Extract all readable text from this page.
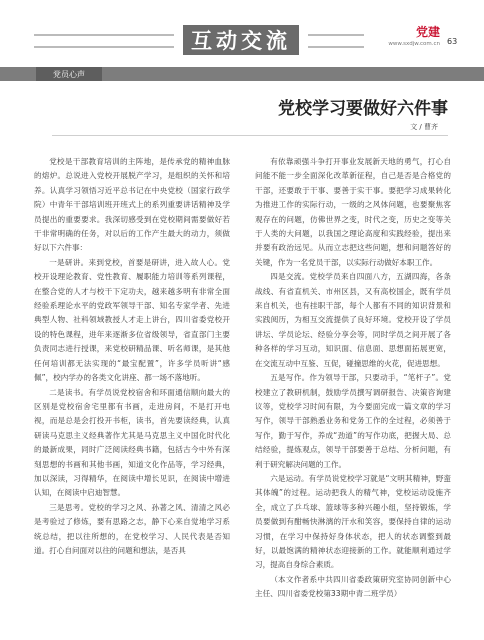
互动交流	党建
www.sxdjw.com.cn 63
党员心声
党校学习要做好六件事
文 / 曹齐

党校是干部教育培训的主阵地，是传承党的精神血脉的熔炉。总说进入党校开展脱产学习，是组织的关怀和培养。认真学习领悟习近平总书记在中央党校（国家行政学院）中青年干部培训班开班式上的系列重要讲话精神及学员提出的重要要求。我深切感受到在党校期间需要做好若干非常明确的任务，对以后的工作产生最大的动力，须做好以下六件事：

一是研讲。来到党校，首要是研讲，进入故人心。党校开设理论教育、党性教育、履职能力培训等系列课程，在整合党的人才与校干下定功夫，越来越多明有非常全面经验系理论水平的党政军领导干部、知名专家学者、先进典型人物、社科领域教授人才走上讲台，四川省委党校开设的特色课程，进年来逐渐多位省级领导，省直部门主要负责同志进行授课，来党校研精品课、听名师课，是其他任何培训都无法实现的“最宝配置”，许多学员听讲“感佩”，校内学办的各类文化讲座、都一场不落地听。

二是读书。有学员说党校宿舍和环面通信顺向最大的区别是党校宿舍宅里都有书画，走进房间，不是打开电视，而是总是会打投开书柜，读书，首先要读经典，认真研读马克思主义经典著作尤其是马克思主义中国化时代化的最新成果，同时广泛阅读经典书籍，包括古今中外有深刻思想的书画和其他书画，知道文化作品等，学习经典，加以深读，习得精华，在阅读中增长见识，在阅读中增进认知，在阅读中启迪智慧。

三是思考。党校的学习之风、孙著之风、清清之风必是考验过了修炼，要有思路之志，静下心来自觉地学习系统总结，把以往所想的，在党校学习、人民代表是否知道。打心自问面对以往的问题和想法，是否具

有依靠顽强斗争打开事业发展新天地的勇气，打心自问能不能一步全面深化改革新征程，自己是否是合格党的干部，还要敢于干事、要善于实干事。要把学习成果转化为推进工作的实际行动，一级的之风体问题，也要聚焦客观存在的问题，仿佛世界之变，时代之变，历史之变等关于人类的大问题，以我国之理论高度和实践经验，提出来并要有政治远见。从而立志把这些问题，想和问题答好的关键，作为一名党员干部，以实际行动做好本职工作。

四是交流。党校学员来自四面八方，五湖四海，各条战线、有省直机关、市州区县，又有高校国企，既有学员来自机关，也有挂职干部，每个人都有不同的知识背景和实践阅历，为相互交流提供了良好环境。党校开设了学员讲坛、学员论坛、经验分享会等，同时学员之间开展了各种各样的学习互动，知识面、信息面、思想面拓展更宽，在交流互动中互鉴、互促，碰撞思维的火花，促进思想。

五是写作。作为领导干部，只要动手，“笔杆子”。党校建立了教研机制，鼓励学员撰写调研报告、决策咨询建议等，党校学习时间有限，为今要面完成一篇文章的学习写作，领导干部熟悉业务和党务工作的全过程，必须善于写作，勤于写作，养成“劲道”的写作功底，把握大局、总结经验，提炼观点，领导干部要善于总结、分析问题，有利于研究解决问题的工作。

六是运动。有学员说党校学习就是“文明其精神，野蛮其体魄”的过程。运动把我人的精气神，党校运动设施齐全，成立了乒乓球、篮球等多种兴趣小组，坚持锻炼，学员要做到有酣畅快淋漓的汗水和笑容，要保持自律的运动习惯，在学习中保持好身体状态，把人的状态调整到最好，以最饱满的精神状态迎接新的工作。就能顺利通过学习，提高自身综合素质。

（本文作者系中共四川省委政策研究室协同创新中心主任、四川省委党校第33期中青二班学员）
